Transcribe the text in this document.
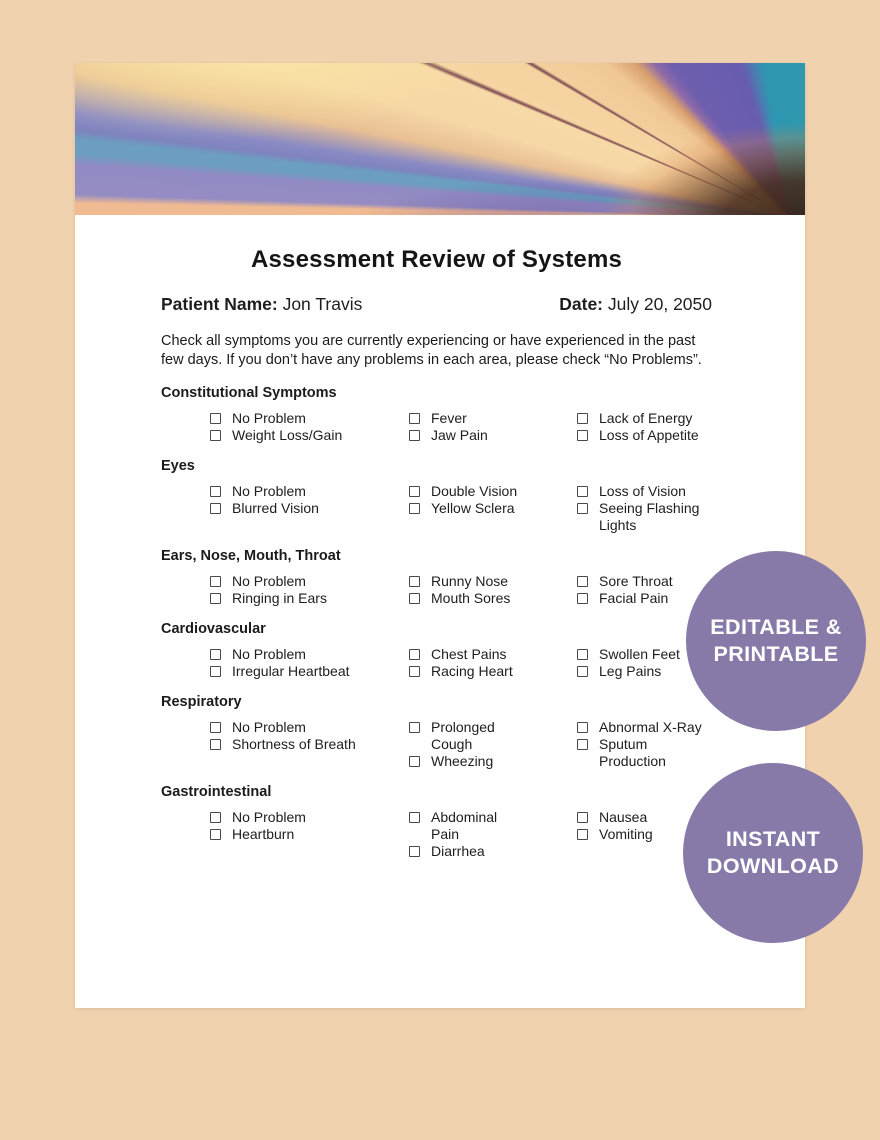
Assessment Review of Systems
Patient Name: Jon Travis	Date: July 20, 2050

Check all symptoms you are currently experiencing or have experienced in the past few days. If you don’t have any problems in each area, please check “No Problems”.

Constitutional Symptoms
No Problem
Weight Loss/Gain
Fever
Jaw Pain
Lack of Energy
Loss of Appetite
Eyes
No Problem
Blurred Vision
Double Vision
Yellow Sclera
Loss of Vision
Seeing Flashing Lights
Ears, Nose, Mouth, Throat
No Problem
Ringing in Ears
Runny Nose
Mouth Sores
Sore Throat
Facial Pain
Cardiovascular
No Problem
Irregular Heartbeat
Chest Pains
Racing Heart
Swollen Feet
Leg Pains
Respiratory
No Problem
Shortness of Breath
Prolonged Cough
Wheezing
Abnormal X-Ray
Sputum Production
Gastrointestinal
No Problem
Heartburn
Abdominal Pain
Diarrhea
Nausea
Vomiting
EDITABLE &
PRINTABLE
INSTANT
DOWNLOAD
